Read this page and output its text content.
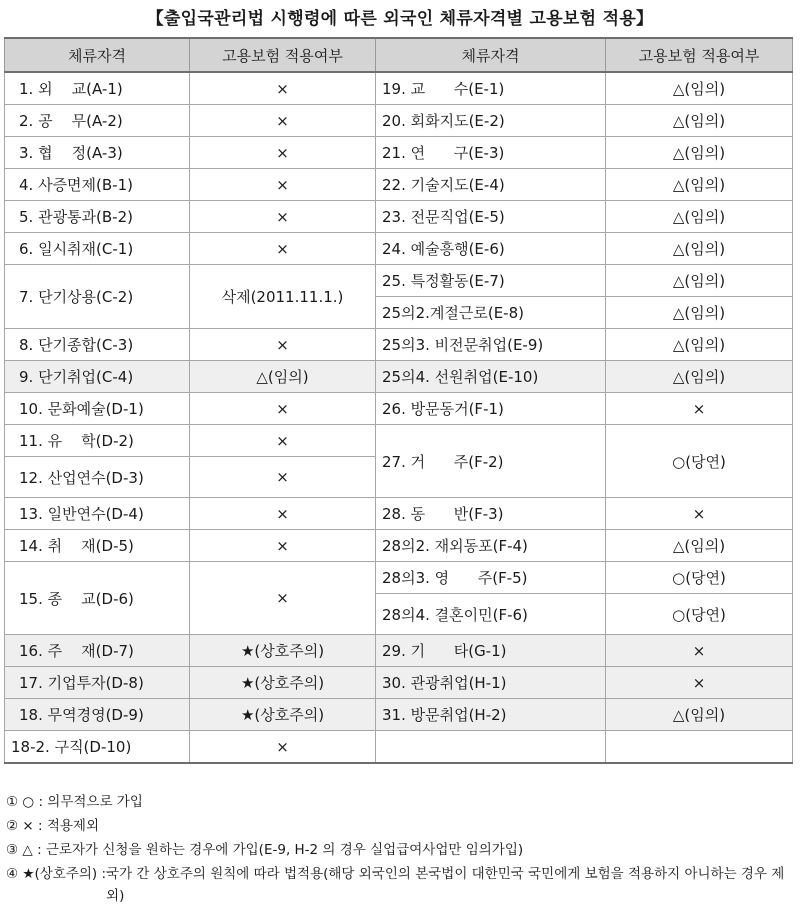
【출입국관리법 시행령에 따른 외국인 체류자격별 고용보험 적용】
체류자격	고용보험 적용여부	체류자격	고용보험 적용여부
1. 외    교(A-1)	×	19. 교      수(E-1)	△(임의)
2. 공    무(A-2)	×	20. 회화지도(E-2)	△(임의)
3. 협    정(A-3)	×	21. 연      구(E-3)	△(임의)
4. 사증면제(B-1)	×	22. 기술지도(E-4)	△(임의)
5. 관광통과(B-2)	×	23. 전문직업(E-5)	△(임의)
6. 일시취재(C-1)	×	24. 예술흥행(E-6)	△(임의)
7. 단기상용(C-2)	삭제(2011.11.1.)	25. 특정활동(E-7)	△(임의)
		25의2.계절근로(E-8)	△(임의)
8. 단기종합(C-3)	×	25의3. 비전문취업(E-9)	△(임의)
9. 단기취업(C-4)	△(임의)	25의4. 선원취업(E-10)	△(임의)
10. 문화예술(D-1)	×	26. 방문동거(F-1)	×
11. 유    학(D-2)	×	27. 거      주(F-2)	○(당연)
12. 산업연수(D-3)	×		
13. 일반연수(D-4)	×	28. 동      반(F-3)	×
14. 취    재(D-5)	×	28의2. 재외동포(F-4)	△(임의)
15. 종    교(D-6)	×	28의3. 영      주(F-5)	○(당연)
		28의4. 결혼이민(F-6)	○(당연)
16. 주    재(D-7)	★(상호주의)	29. 기      타(G-1)	×
17. 기업투자(D-8)	★(상호주의)	30. 관광취업(H-1)	×
18. 무역경영(D-9)	★(상호주의)	31. 방문취업(H-2)	△(임의)
18-2. 구직(D-10)	×		
① ○ : 의무적으로 가입
② × : 적용제외
③ △ : 근로자가 신청을 원하는 경우에 가입(E-9, H-2 의 경우 실업급여사업만 임의가입)
④ ★(상호주의) : 국가 간 상호주의 원칙에 따라 법적용(해당 외국인의 본국법이 대한민국 국민에게 보험을 적용하지 아니하는 경우 제외)
